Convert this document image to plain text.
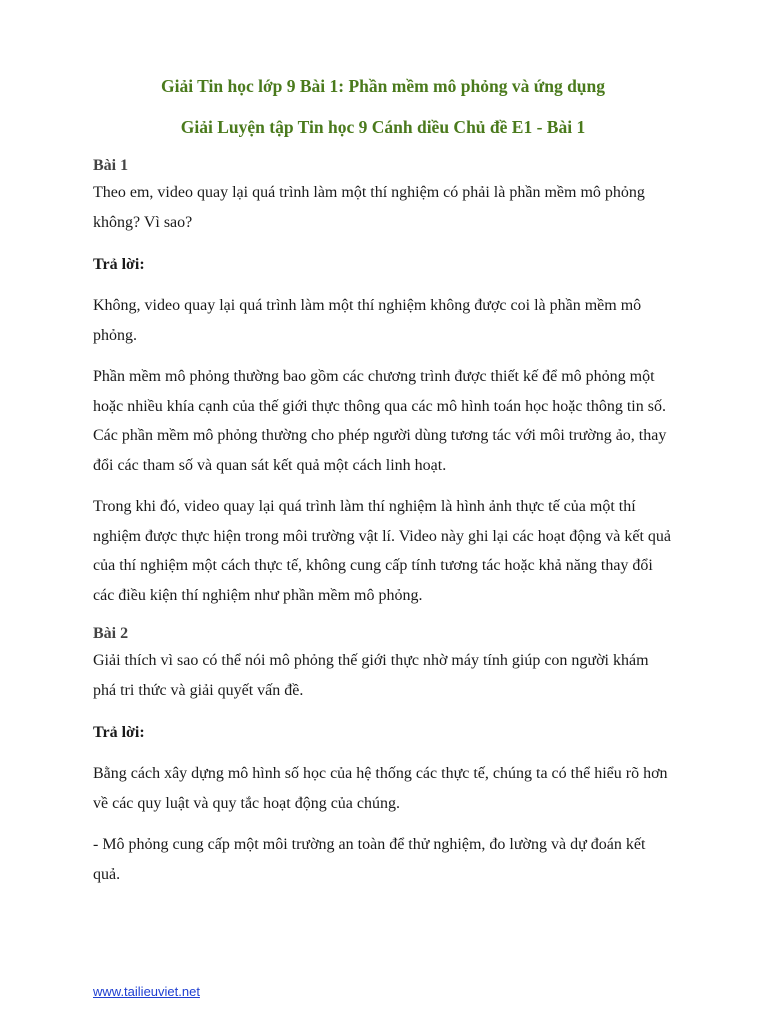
Giải Tin học lớp 9 Bài 1: Phần mềm mô phỏng và ứng dụng

Giải Luyện tập Tin học 9 Cánh diều Chủ đề E1 - Bài 1

Bài 1

Theo em, video quay lại quá trình làm một thí nghiệm có phải là phần mềm mô phỏng không? Vì sao?

Trả lời:

Không, video quay lại quá trình làm một thí nghiệm không được coi là phần mềm mô phỏng.

Phần mềm mô phỏng thường bao gồm các chương trình được thiết kế để mô phỏng một hoặc nhiều khía cạnh của thế giới thực thông qua các mô hình toán học hoặc thông tin số. Các phần mềm mô phỏng thường cho phép người dùng tương tác với môi trường ảo, thay đổi các tham số và quan sát kết quả một cách linh hoạt.

Trong khi đó, video quay lại quá trình làm thí nghiệm là hình ảnh thực tế của một thí nghiệm được thực hiện trong môi trường vật lí. Video này ghi lại các hoạt động và kết quả của thí nghiệm một cách thực tế, không cung cấp tính tương tác hoặc khả năng thay đổi các điều kiện thí nghiệm như phần mềm mô phỏng.

Bài 2

Giải thích vì sao có thể nói mô phỏng thế giới thực nhờ máy tính giúp con người khám phá tri thức và giải quyết vấn đề.

Trả lời:

Bằng cách xây dựng mô hình số học của hệ thống các thực tế, chúng ta có thể hiểu rõ hơn về các quy luật và quy tắc hoạt động của chúng.

- Mô phỏng cung cấp một môi trường an toàn để thử nghiệm, đo lường và dự đoán kết quả.

www.tailieuviet.net
